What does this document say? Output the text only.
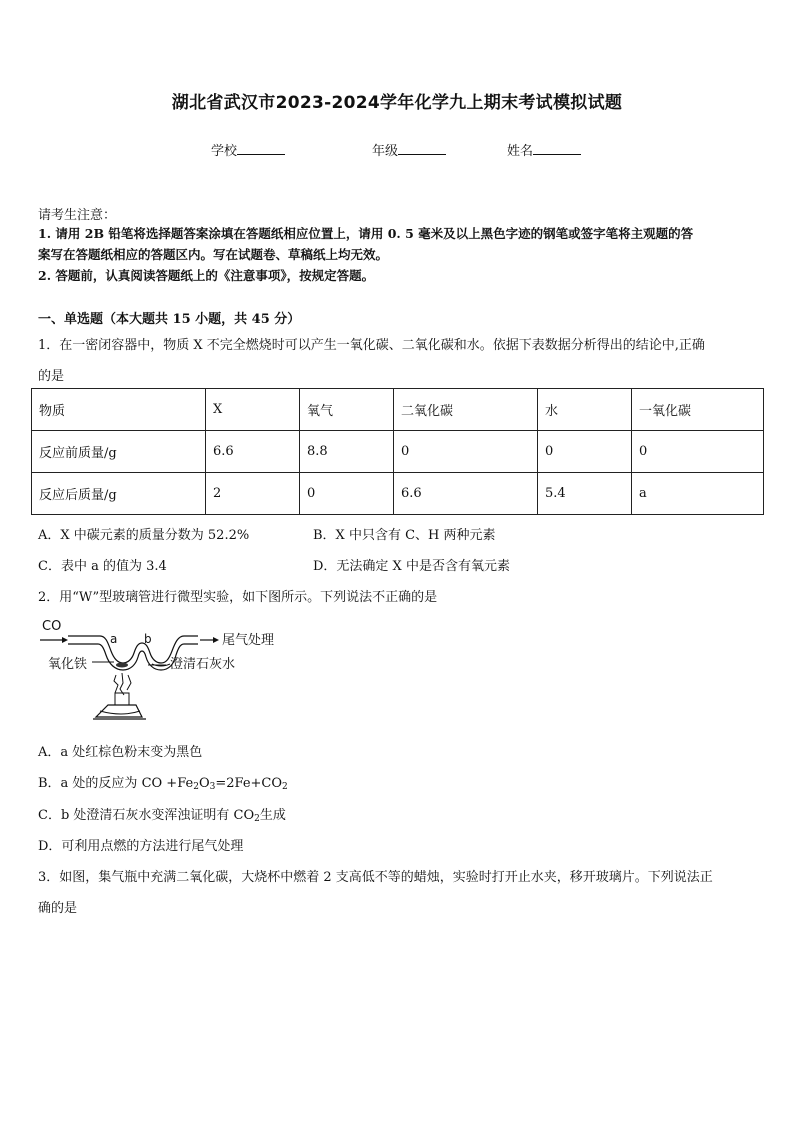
湖北省武汉市2023-2024学年化学九上期末考试模拟试题
学校	年级	姓名
请考生注意：
1. 请用 2B 铅笔将选择题答案涂填在答题纸相应位置上，请用 0. 5 毫米及以上黑色字迹的钢笔或签字笔将主观题的答
案写在答题纸相应的答题区内。写在试题卷、草稿纸上均无效。
2. 答题前，认真阅读答题纸上的《注意事项》，按规定答题。
一、单选题（本大题共 15 小题，共 45 分）
1．在一密闭容器中，物质 X 不完全燃烧时可以产生一氧化碳、二氧化碳和水。依据下表数据分析得出的结论中,正确
的是
物质	X	氧气	二氧化碳	水	一氧化碳
反应前质量/g	6.6	8.8	0	0	0
反应后质量/g	2	0	6.6	5.4	a
A．X 中碳元素的质量分数为 52.2%	B．X 中只含有 C、H 两种元素
C．表中 a 的值为 3.4	D．无法确定 X 中是否含有氧元素
2．用“W”型玻璃管进行微型实验，如下图所示。下列说法不正确的是
CO
a b	尾气处理
氧化铁	澄清石灰水
A．a 处红棕色粉末变为黑色
B．a 处的反应为 CO $+Fe_2O_3=2Fe+CO_2$
C．b 处澄清石灰水变浑浊证明有 $CO_2$生成
D．可利用点燃的方法进行尾气处理
3．如图，集气瓶中充满二氧化碳，大烧杯中燃着 2 支高低不等的蜡烛，实验时打开止水夹，移开玻璃片。下列说法正
确的是
